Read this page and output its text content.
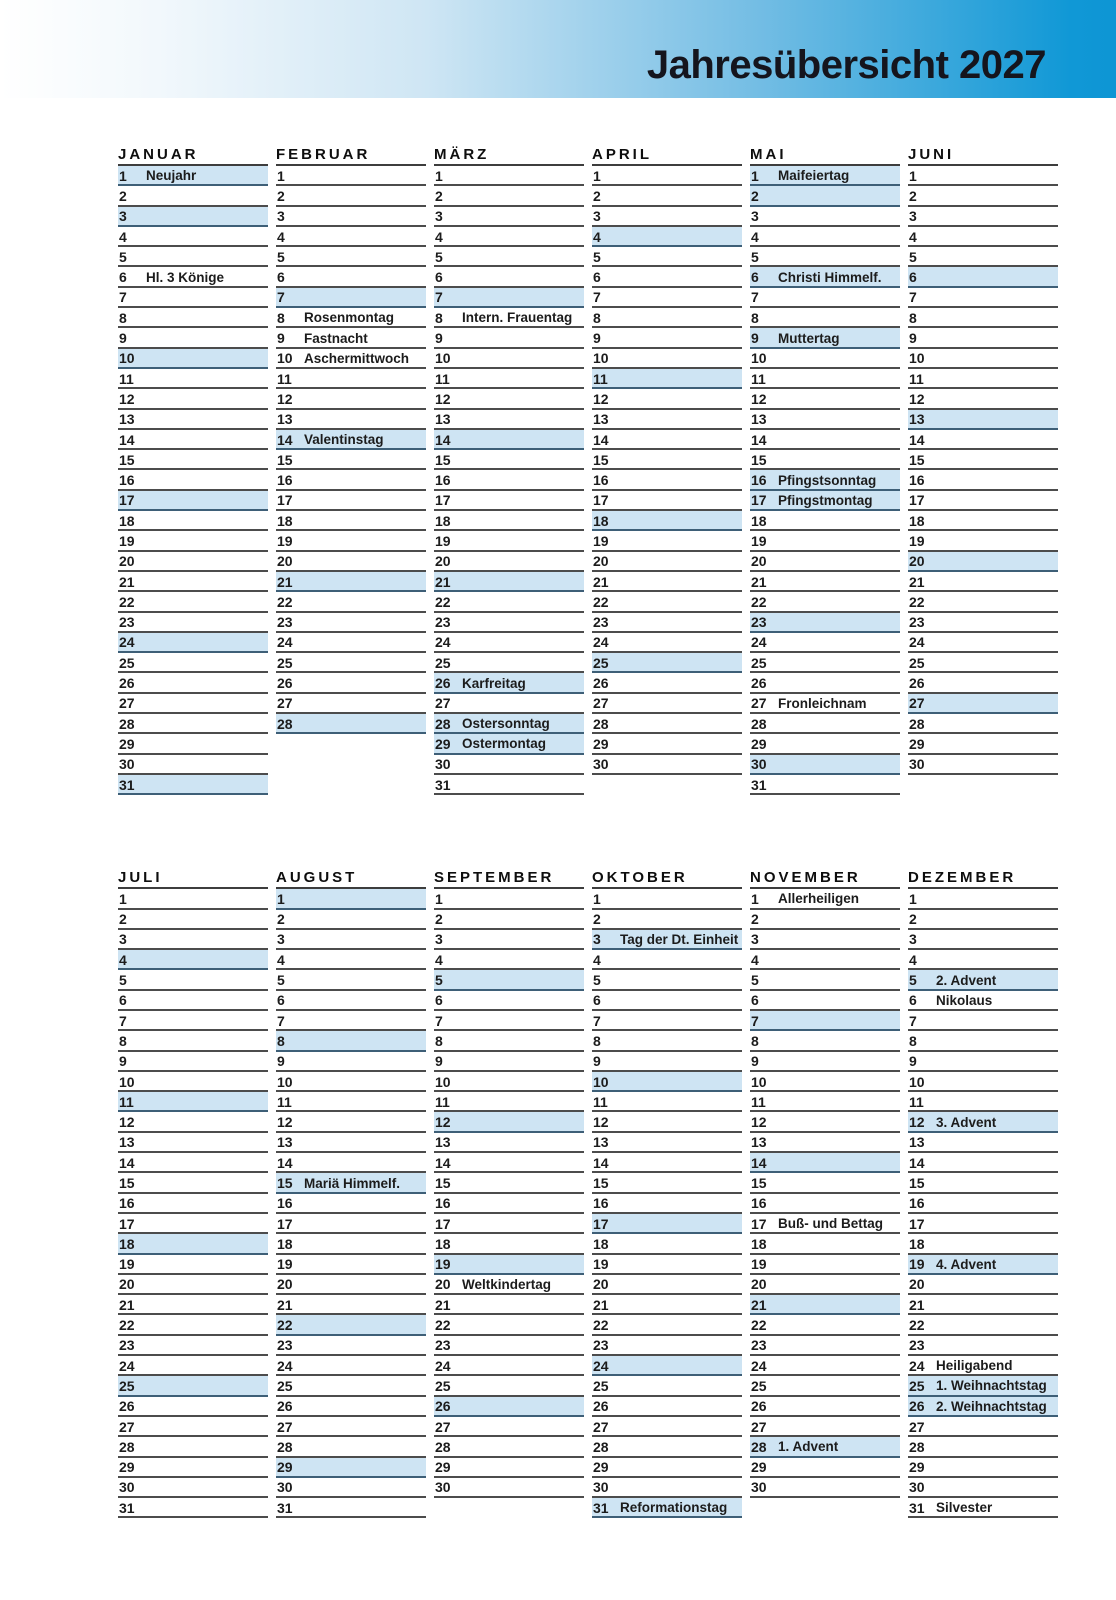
Jahresübersicht 2027
JANUAR
1	Neujahr
2
3
4
5
6	Hl. 3 Könige
7
8
9
10
11
12
13
14
15
16
17
18
19
20
21
22
23
24
25
26
27
28
29
30
31
FEBRUAR
1
2
3
4
5
6
7
8	Rosenmontag
9	Fastnacht
10 Aschermittwoch
11
12
13
14 Valentinstag
15
16
17
18
19
20
21
22
23
24
25
26
27
28
MÄRZ
1
2
3
4
5
6
7
8	Intern. Frauentag
9
10
11
12
13
14
15
16
17
18
19
20
21
22
23
24
25
26 Karfreitag
27
28 Ostersonntag
29 Ostermontag
30
31
APRIL
1
2
3
4
5
6
7
8
9
10
11
12
13
14
15
16
17
18
19
20
21
22
23
24
25
26
27
28
29
30
MAI
1	Maifeiertag
2
3
4
5
6	Christi Himmelf.
7
8
9	Muttertag
10
11
12
13
14
15
16 Pfingstsonntag
17 Pfingstmontag
18
19
20
21
22
23
24
25
26
27 Fronleichnam
28
29
30
31
JUNI
1
2
3
4
5
6
7
8
9
10
11
12
13
14
15
16
17
18
19
20
21
22
23
24
25
26
27
28
29
30
JULI
1
2
3
4
5
6
7
8
9
10
11
12
13
14
15
16
17
18
19
20
21
22
23
24
25
26
27
28
29
30
31
AUGUST
1
2
3
4
5
6
7
8
9
10
11
12
13
14
15 Mariä Himmelf.
16
17
18
19
20
21
22
23
24
25
26
27
28
29
30
31
SEPTEMBER
1
2
3
4
5
6
7
8
9
10
11
12
13
14
15
16
17
18
19
20 Weltkindertag
21
22
23
24
25
26
27
28
29
30
OKTOBER
1
2
3	Tag der Dt. Einheit
4
5
6
7
8
9
10
11
12
13
14
15
16
17
18
19
20
21
22
23
24
25
26
27
28
29
30
31 Reformationstag
NOVEMBER
1	Allerheiligen
2
3
4
5
6
7
8
9
10
11
12
13
14
15
16
17 Buß- und Bettag
18
19
20
21
22
23
24
25
26
27
28 1. Advent
29
30
DEZEMBER
1
2
3
4
5	2. Advent
6	Nikolaus
7
8
9
10
11
12 3. Advent
13
14
15
16
17
18
19 4. Advent
20
21
22
23
24 Heiligabend
25 1. Weihnachtstag
26 2. Weihnachtstag
27
28
29
30
31 Silvester
